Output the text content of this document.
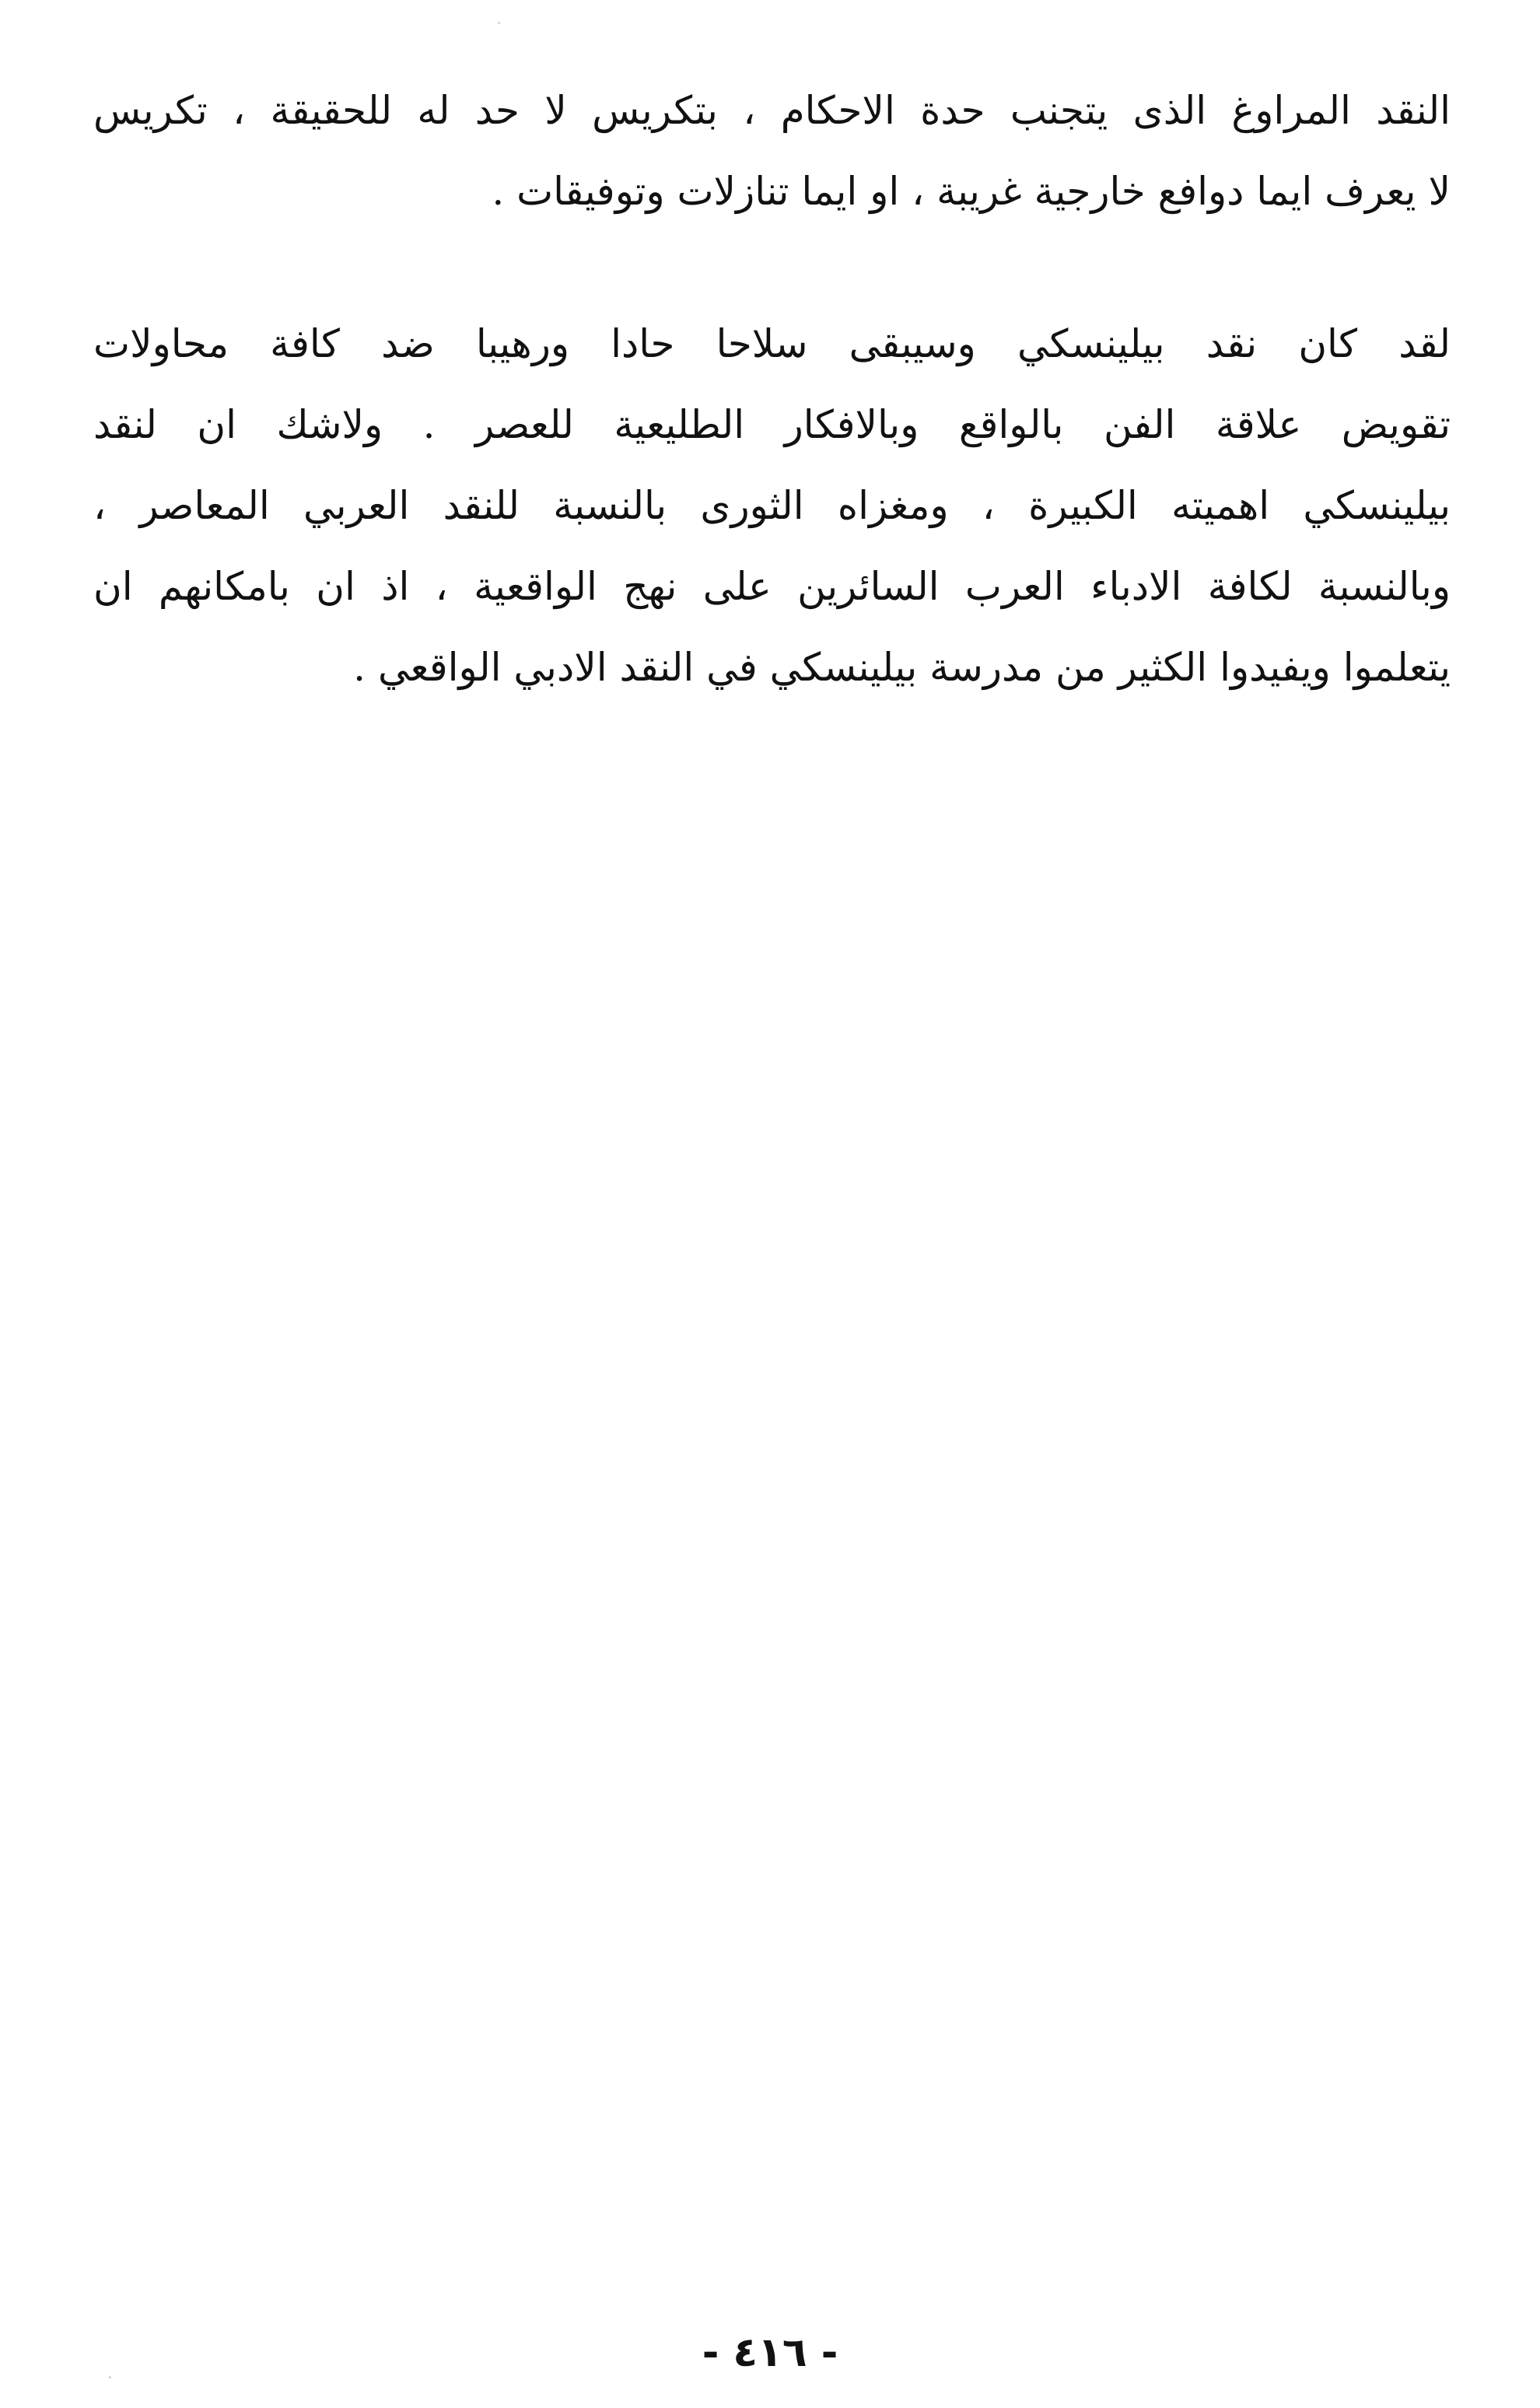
النقد المراوغ الذى يتجنب حدة الاحكام ، بتكريس لا حد له للحقيقة ، تكريس
لا يعرف ايما دوافع خارجية غريبة ، او ايما تنازلات وتوفيقات .
لقد كان نقد بيلينسكي وسيبقى سلاحا حادا ورهيبا ضد كافة محاولات
تقويض علاقة الفن بالواقع وبالافكار الطليعية للعصر . ولاشك ان لنقد
بيلينسكي اهميته الكبيرة ، ومغزاه الثورى بالنسبة للنقد العربي المعاصر ،
وبالنسبة لكافة الادباء العرب السائرين على نهج الواقعية ، اذ ان بامكانهم ان
يتعلموا ويفيدوا الكثير من مدرسة بيلينسكي في النقد الادبي الواقعي .
- ٤١٦ -
